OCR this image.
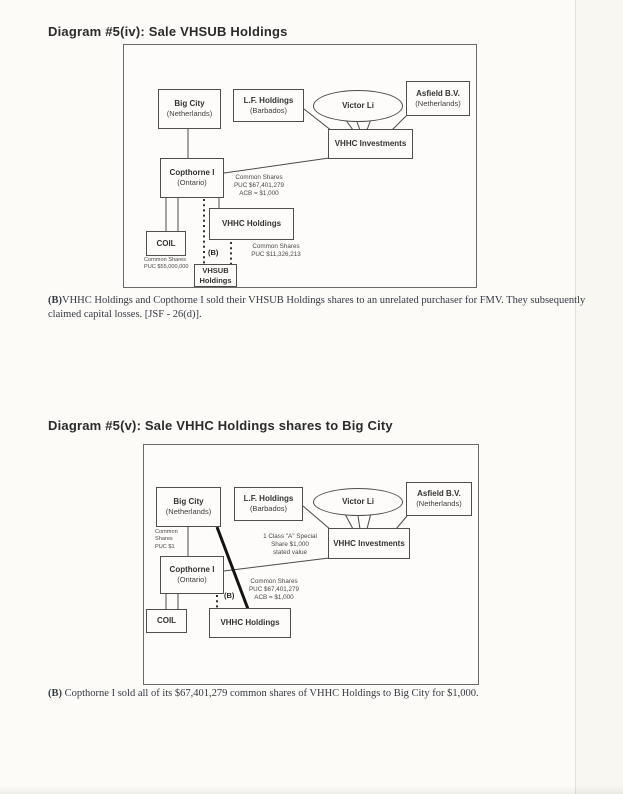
Diagram #5(iv): Sale VHSUB Holdings
Big City
(Netherlands)
L.F. Holdings
(Barbados)
Victor Li
Asfield B.V.
(Netherlands)
VHHC Investments
Copthorne I
(Ontario)
COIL
VHHC Holdings
VHSUB
Holdings
Common Shares
PUC $67,401,279
ACB = $1,000
Common Shares
PUC $11,326,213
Common Shares
PUC $55,000,000
(B)
(B)VHHC Holdings and Copthorne I sold their VHSUB Holdings shares to an unrelated purchaser for FMV. They subsequently claimed capital losses. [JSF - 26(d)].
Diagram #5(v): Sale VHHC Holdings shares to Big City
Big City
(Netherlands)
L.F. Holdings
(Barbados)
Victor Li
Asfield B.V.
(Netherlands)
VHHC Investments
Copthorne I
(Ontario)
COIL	VHHC Holdings
Common
Shares
PUC $1
1 Class "A" Special
Share $1,000
stated value
Common Shares
PUC $67,401,279
ACB = $1,000
(B)
(B) Copthorne I sold all of its $67,401,279 common shares of VHHC Holdings to Big City for $1,000.
